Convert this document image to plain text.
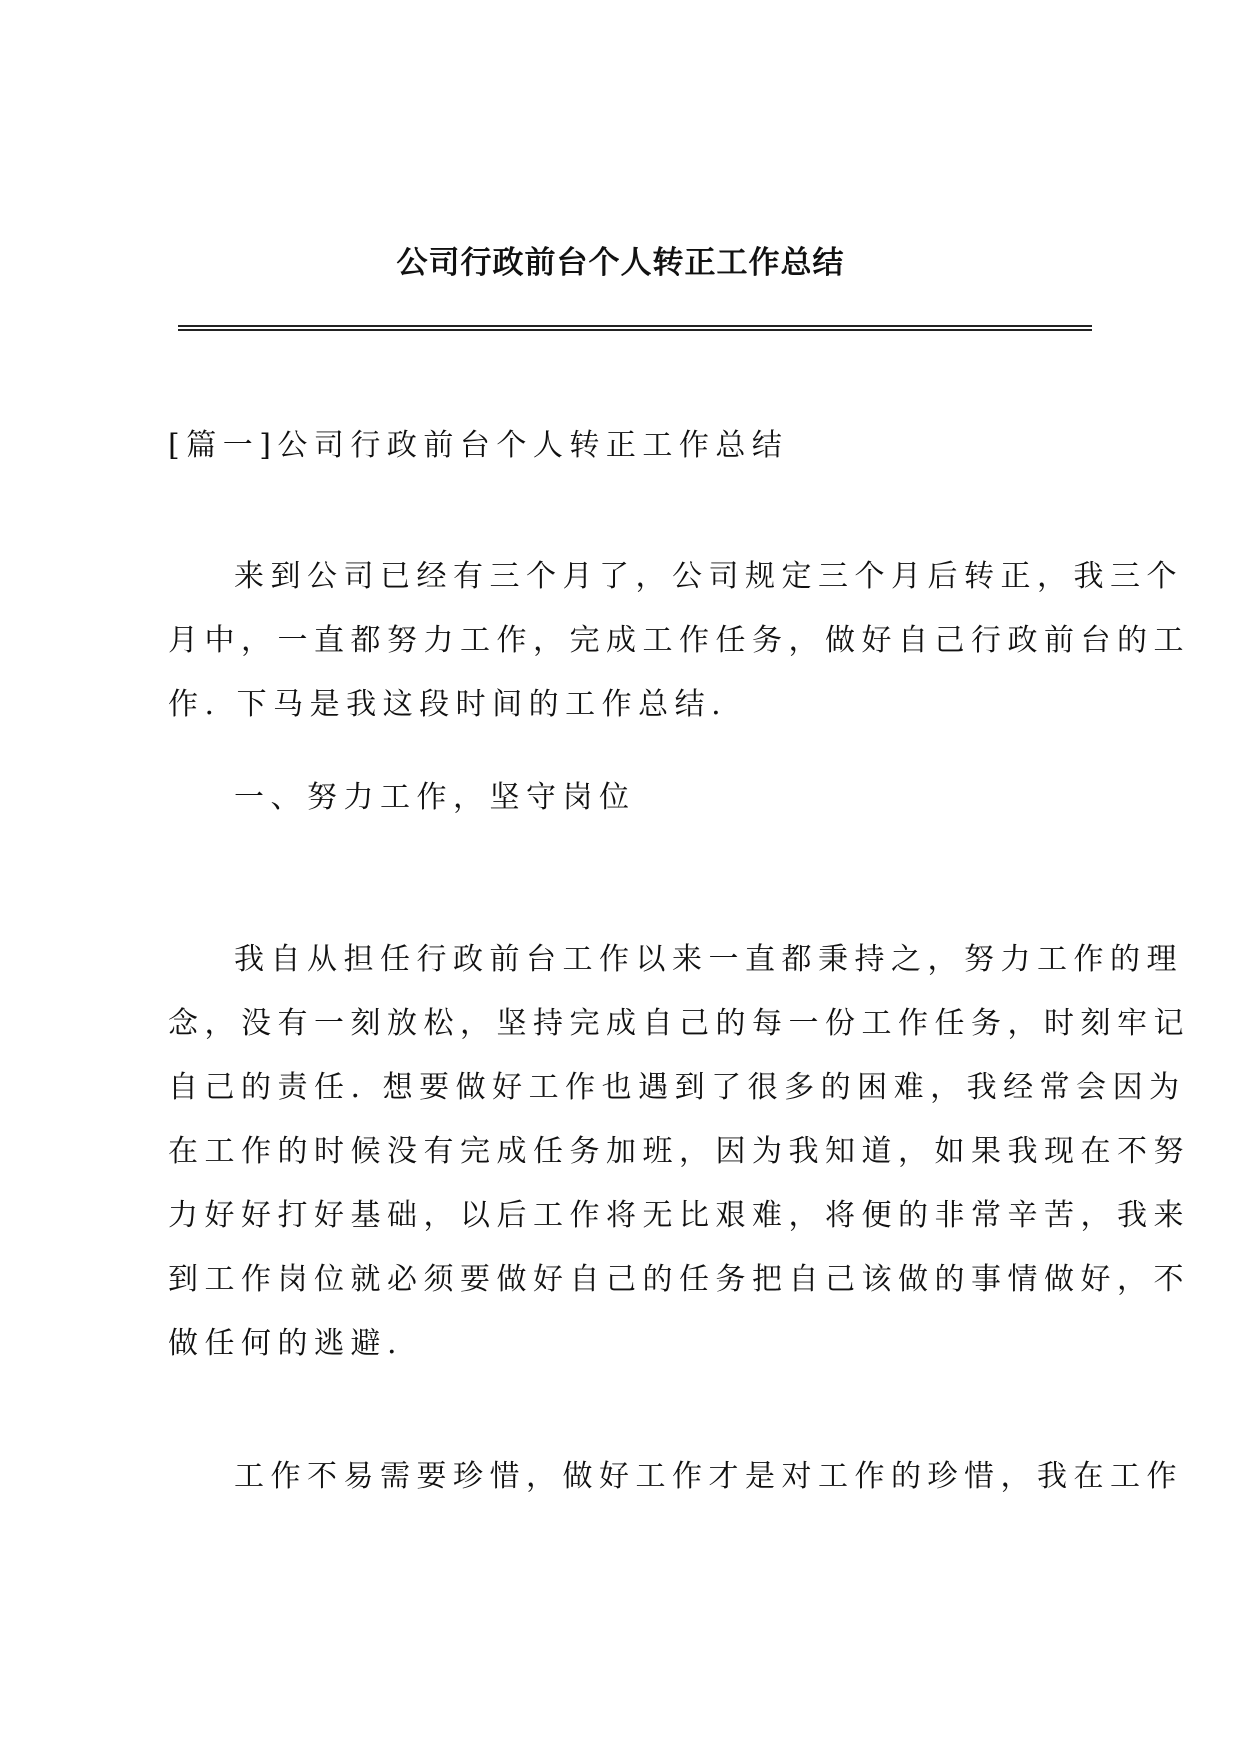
公司行政前台个人转正工作总结
[篇一]公司行政前台个人转正工作总结
来到公司已经有三个月了，公司规定三个月后转正，我三个
月中，一直都努力工作，完成工作任务，做好自己行政前台的工
作. 下马是我这段时间的工作总结.
一、努力工作，坚守岗位
我自从担任行政前台工作以来一直都秉持之，努力工作的理
念，没有一刻放松，坚持完成自己的每一份工作任务，时刻牢记
自己的责任. 想要做好工作也遇到了很多的困难，我经常会因为
在工作的时候没有完成任务加班，因为我知道，如果我现在不努
力好好打好基础，以后工作将无比艰难，将便的非常辛苦，我来
到工作岗位就必须要做好自己的任务把自己该做的事情做好，不
做任何的逃避.
工作不易需要珍惜，做好工作才是对工作的珍惜，我在工作
